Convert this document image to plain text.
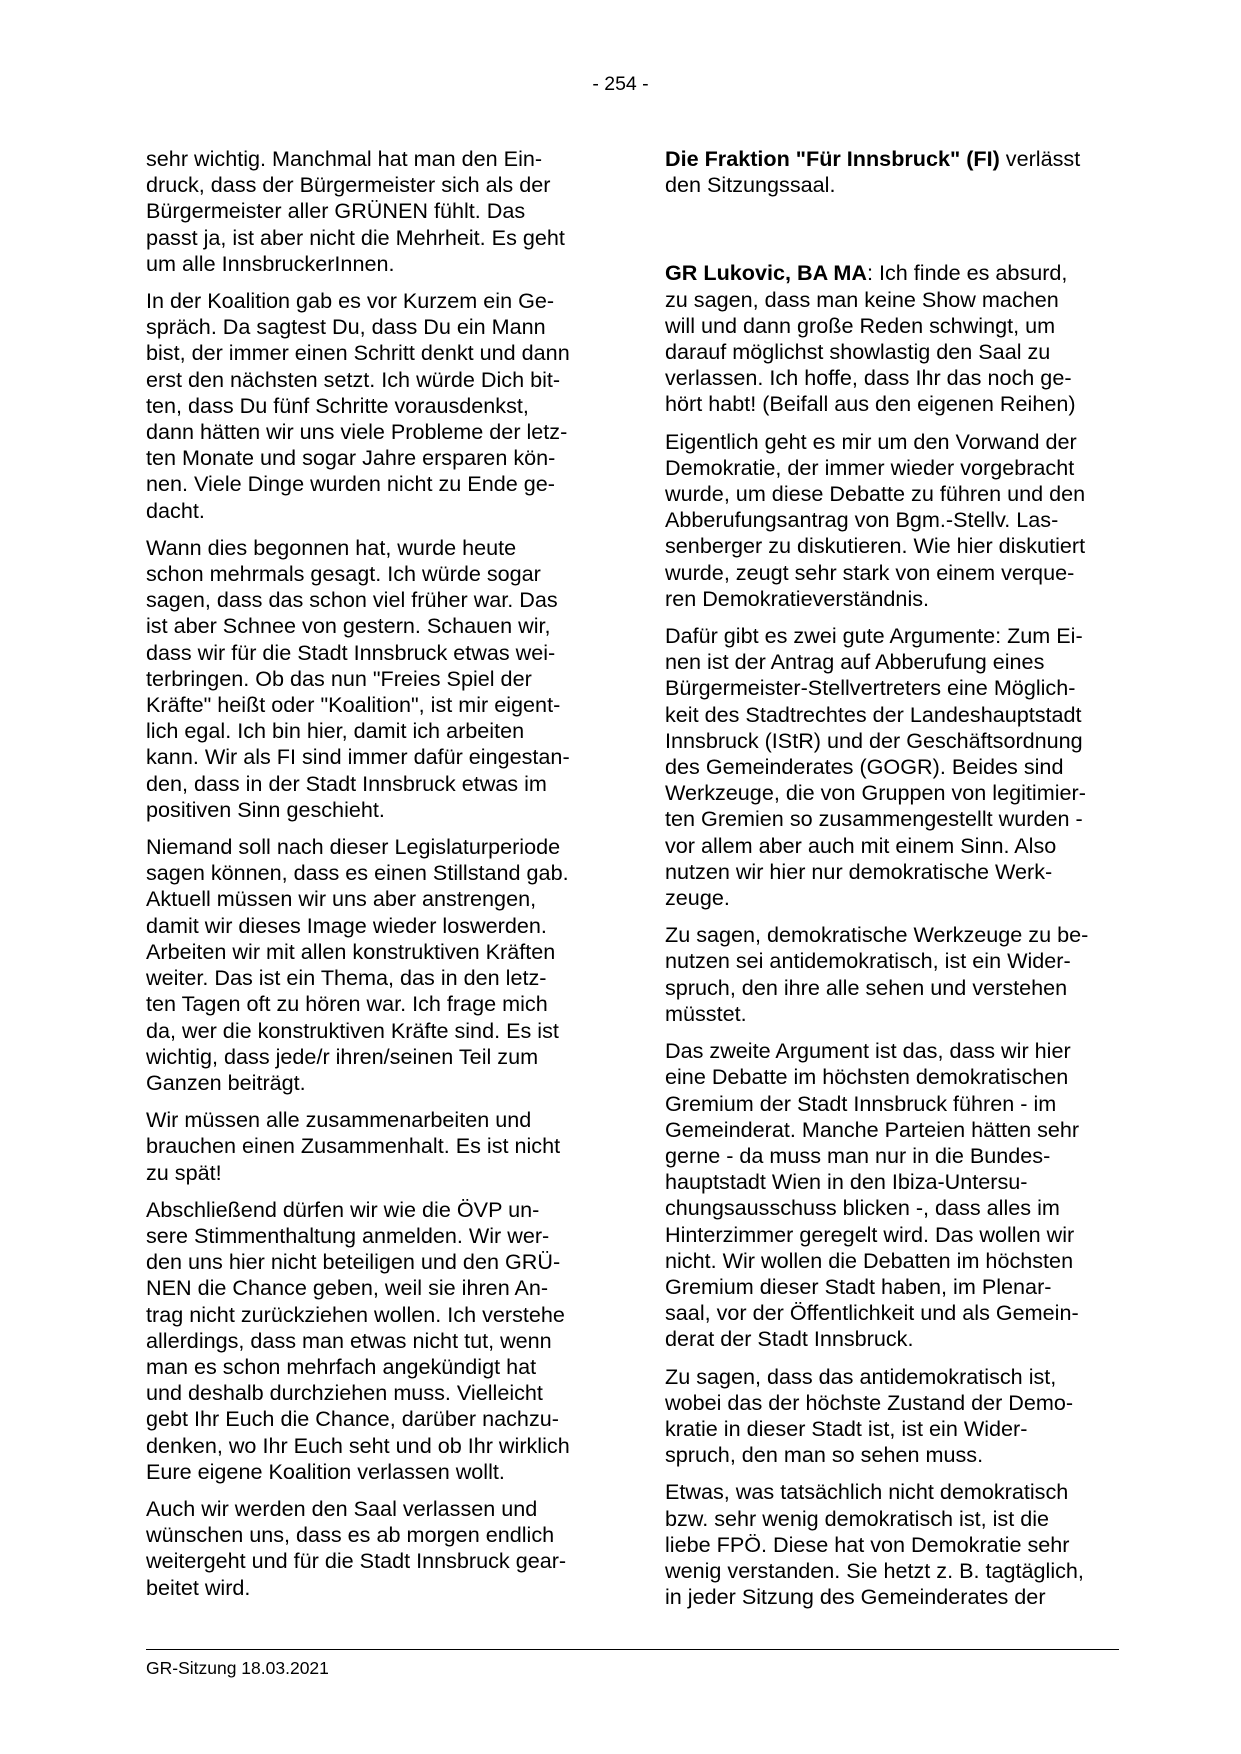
- 254 -

sehr wichtig. Manchmal hat man den Ein-
druck, dass der Bürgermeister sich als der
Bürgermeister aller GRÜNEN fühlt. Das
passt ja, ist aber nicht die Mehrheit. Es geht
um alle InnsbruckerInnen.

In der Koalition gab es vor Kurzem ein Ge-
spräch. Da sagtest Du, dass Du ein Mann
bist, der immer einen Schritt denkt und dann
erst den nächsten setzt. Ich würde Dich bit-
ten, dass Du fünf Schritte vorausdenkst,
dann hätten wir uns viele Probleme der letz-
ten Monate und sogar Jahre ersparen kön-
nen. Viele Dinge wurden nicht zu Ende ge-
dacht.

Wann dies begonnen hat, wurde heute
schon mehrmals gesagt. Ich würde sogar
sagen, dass das schon viel früher war. Das
ist aber Schnee von gestern. Schauen wir,
dass wir für die Stadt Innsbruck etwas wei-
terbringen. Ob das nun "Freies Spiel der
Kräfte" heißt oder "Koalition", ist mir eigent-
lich egal. Ich bin hier, damit ich arbeiten
kann. Wir als FI sind immer dafür eingestan-
den, dass in der Stadt Innsbruck etwas im
positiven Sinn geschieht.

Niemand soll nach dieser Legislaturperiode
sagen können, dass es einen Stillstand gab.
Aktuell müssen wir uns aber anstrengen,
damit wir dieses Image wieder loswerden.
Arbeiten wir mit allen konstruktiven Kräften
weiter. Das ist ein Thema, das in den letz-
ten Tagen oft zu hören war. Ich frage mich
da, wer die konstruktiven Kräfte sind. Es ist
wichtig, dass jede/r ihren/seinen Teil zum
Ganzen beiträgt.

Wir müssen alle zusammenarbeiten und
brauchen einen Zusammenhalt. Es ist nicht
zu spät!

Abschließend dürfen wir wie die ÖVP un-
sere Stimmenthaltung anmelden. Wir wer-
den uns hier nicht beteiligen und den GRÜ-
NEN die Chance geben, weil sie ihren An-
trag nicht zurückziehen wollen. Ich verstehe
allerdings, dass man etwas nicht tut, wenn
man es schon mehrfach angekündigt hat
und deshalb durchziehen muss. Vielleicht
gebt Ihr Euch die Chance, darüber nachzu-
denken, wo Ihr Euch seht und ob Ihr wirklich
Eure eigene Koalition verlassen wollt.

Auch wir werden den Saal verlassen und
wünschen uns, dass es ab morgen endlich
weitergeht und für die Stadt Innsbruck gear-
beitet wird.

Die Fraktion "Für Innsbruck" (FI) verlässt
den Sitzungssaal.

GR Lukovic, BA MA: Ich finde es absurd,
zu sagen, dass man keine Show machen
will und dann große Reden schwingt, um
darauf möglichst showlastig den Saal zu
verlassen. Ich hoffe, dass Ihr das noch ge-
hört habt! (Beifall aus den eigenen Reihen)

Eigentlich geht es mir um den Vorwand der
Demokratie, der immer wieder vorgebracht
wurde, um diese Debatte zu führen und den
Abberufungsantrag von Bgm.-Stellv. Las-
senberger zu diskutieren. Wie hier diskutiert
wurde, zeugt sehr stark von einem verque-
ren Demokratieverständnis.

Dafür gibt es zwei gute Argumente: Zum Ei-
nen ist der Antrag auf Abberufung eines
Bürgermeister-Stellvertreters eine Möglich-
keit des Stadtrechtes der Landeshauptstadt
Innsbruck (IStR) und der Geschäftsordnung
des Gemeinderates (GOGR). Beides sind
Werkzeuge, die von Gruppen von legitimier-
ten Gremien so zusammengestellt wurden -
vor allem aber auch mit einem Sinn. Also
nutzen wir hier nur demokratische Werk-
zeuge.

Zu sagen, demokratische Werkzeuge zu be-
nutzen sei antidemokratisch, ist ein Wider-
spruch, den ihre alle sehen und verstehen
müsstet.

Das zweite Argument ist das, dass wir hier
eine Debatte im höchsten demokratischen
Gremium der Stadt Innsbruck führen - im
Gemeinderat. Manche Parteien hätten sehr
gerne - da muss man nur in die Bundes-
hauptstadt Wien in den Ibiza-Untersu-
chungsausschuss blicken -, dass alles im
Hinterzimmer geregelt wird. Das wollen wir
nicht. Wir wollen die Debatten im höchsten
Gremium dieser Stadt haben, im Plenar-
saal, vor der Öffentlichkeit und als Gemein-
derat der Stadt Innsbruck.

Zu sagen, dass das antidemokratisch ist,
wobei das der höchste Zustand der Demo-
kratie in dieser Stadt ist, ist ein Wider-
spruch, den man so sehen muss.

Etwas, was tatsächlich nicht demokratisch
bzw. sehr wenig demokratisch ist, ist die
liebe FPÖ. Diese hat von Demokratie sehr
wenig verstanden. Sie hetzt z. B. tagtäglich,
in jeder Sitzung des Gemeinderates der

GR-Sitzung 18.03.2021
